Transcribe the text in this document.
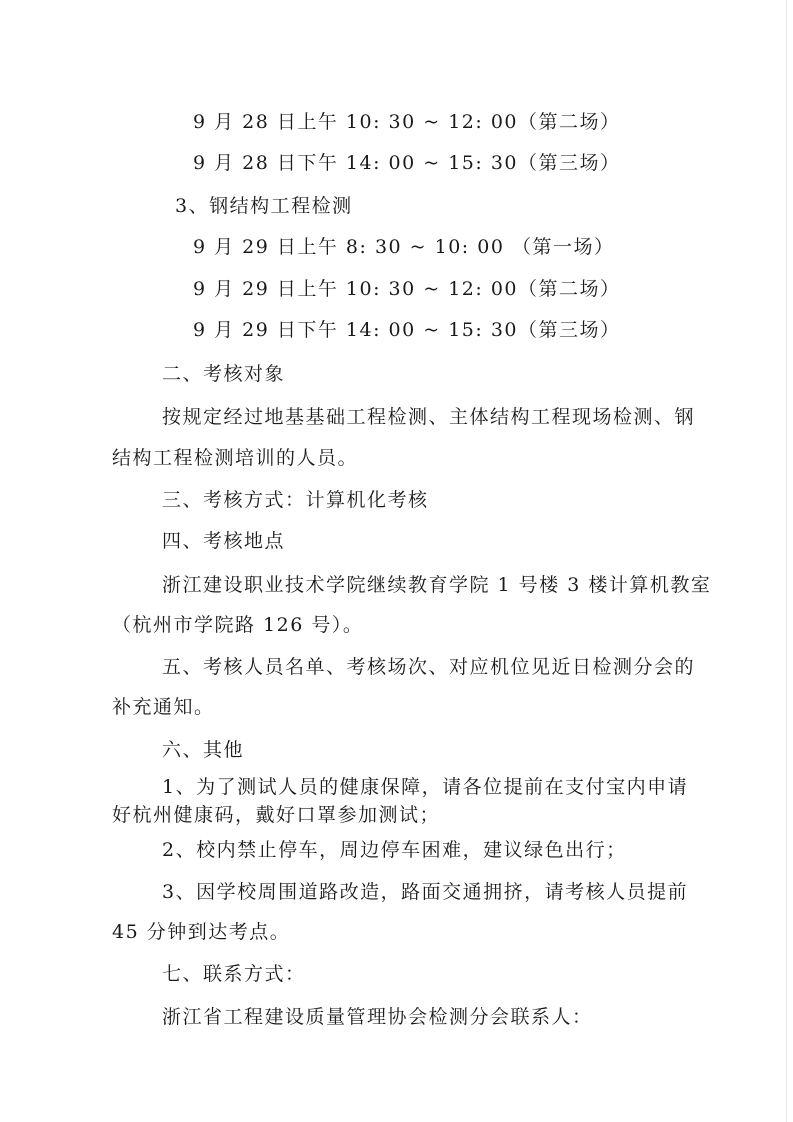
9 月 28 日上午 10: 30 ~ 12: 00（第二场）
9 月 28 日下午 14: 00 ~ 15: 30（第三场）
3、钢结构工程检测
9 月 29 日上午 8: 30 ~ 10: 00 （第一场）
9 月 29 日上午 10: 30 ~ 12: 00（第二场）
9 月 29 日下午 14: 00 ~ 15: 30（第三场）
二、考核对象
按规定经过地基基础工程检测、主体结构工程现场检测、钢
结构工程检测培训的人员。
三、考核方式：计算机化考核
四、考核地点
浙江建设职业技术学院继续教育学院 1 号楼 3 楼计算机教室
（杭州市学院路 126 号）。
五、考核人员名单、考核场次、对应机位见近日检测分会的
补充通知。
六、其他
1、为了测试人员的健康保障，请各位提前在支付宝内申请
好杭州健康码，戴好口罩参加测试；
2、校内禁止停车，周边停车困难，建议绿色出行；
3、因学校周围道路改造，路面交通拥挤，请考核人员提前
45 分钟到达考点。
七、联系方式：
浙江省工程建设质量管理协会检测分会联系人：
